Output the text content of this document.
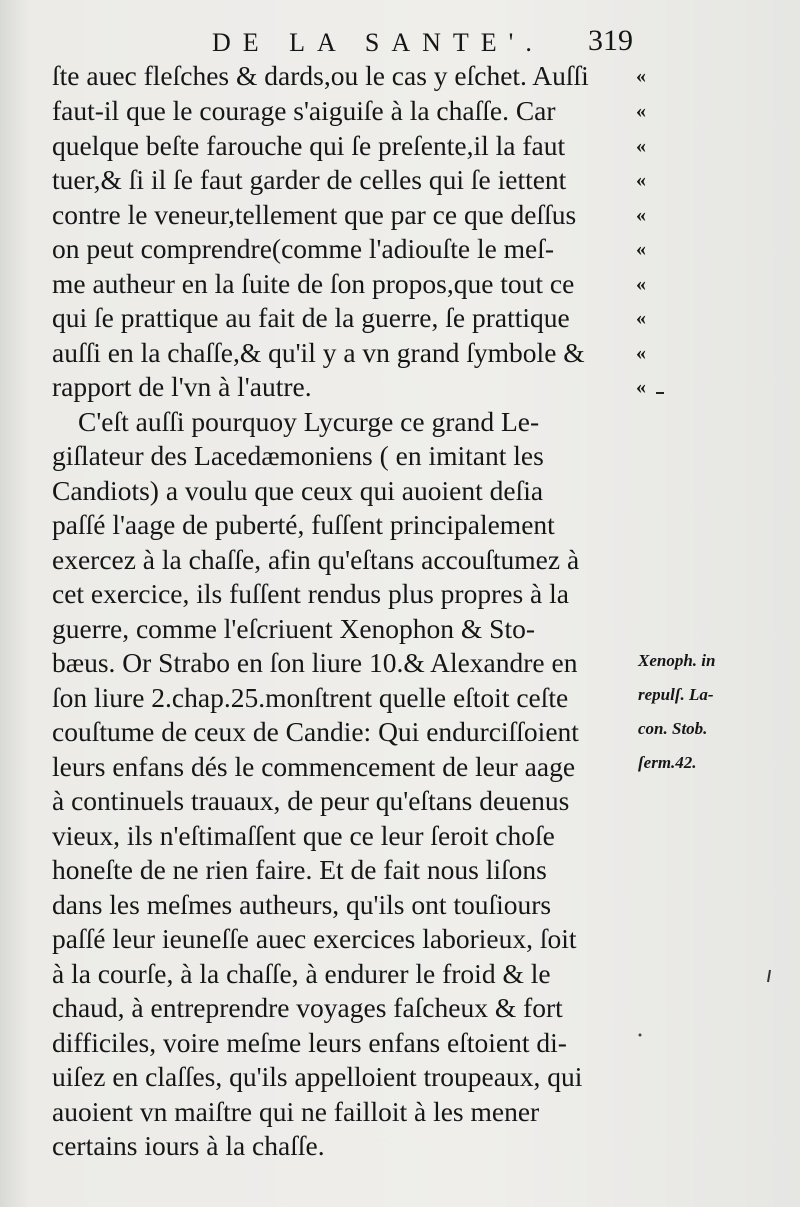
DE LA SANTE'. 319
ſte auec fleſches & dards,ou le cas y eſchet. Auſſi
faut-il que le courage s'aiguiſe à la chaſſe. Car
quelque beſte farouche qui ſe preſente,il la faut
tuer,& ſi il ſe faut garder de celles qui ſe iettent
contre le veneur,tellement que par ce que deſſus
on peut comprendre(comme l'adiouſte le meſ-
me autheur en la ſuite de ſon propos,que tout ce
qui ſe prattique au fait de la guerre, ſe prattique
auſſi en la chaſſe,& qu'il y a vn grand ſymbole &
rapport de l'vn à l'autre.
C'eſt auſſi pourquoy Lycurge ce grand Le-
giſlateur des Lacedæmoniens ( en imitant les
Candiots) a voulu que ceux qui auoient deſia
paſſé l'aage de puberté, fuſſent principalement
exercez à la chaſſe, afin qu'eſtans accouſtumez à
cet exercice, ils fuſſent rendus plus propres à la
guerre, comme l'eſcriuent Xenophon & Sto-
bæus. Or Strabo en ſon liure 10.& Alexandre en
ſon liure 2.chap.25.monſtrent quelle eſtoit ceſte
couſtume de ceux de Candie: Qui endurciſſoient
leurs enfans dés le commencement de leur aage
à continuels trauaux, de peur qu'eſtans deuenus
vieux, ils n'eſtimaſſent que ce leur ſeroit choſe
honeſte de ne rien faire. Et de fait nous liſons
dans les meſmes autheurs, qu'ils ont touſiours
paſſé leur ieuneſſe auec exercices laborieux, ſoit
à la courſe, à la chaſſe, à endurer le froid & le
chaud, à entreprendre voyages faſcheux & fort
difficiles, voire meſme leurs enfans eſtoient di-
uiſez en claſſes, qu'ils appelloient troupeaux, qui
auoient vn maiſtre qui ne failloit à les mener
certains iours à la chaſſe.
«
«
«
«
«
«
«
«
«
«
Xenoph. in
repulſ. La-
con. Stob.
ſerm.42.
